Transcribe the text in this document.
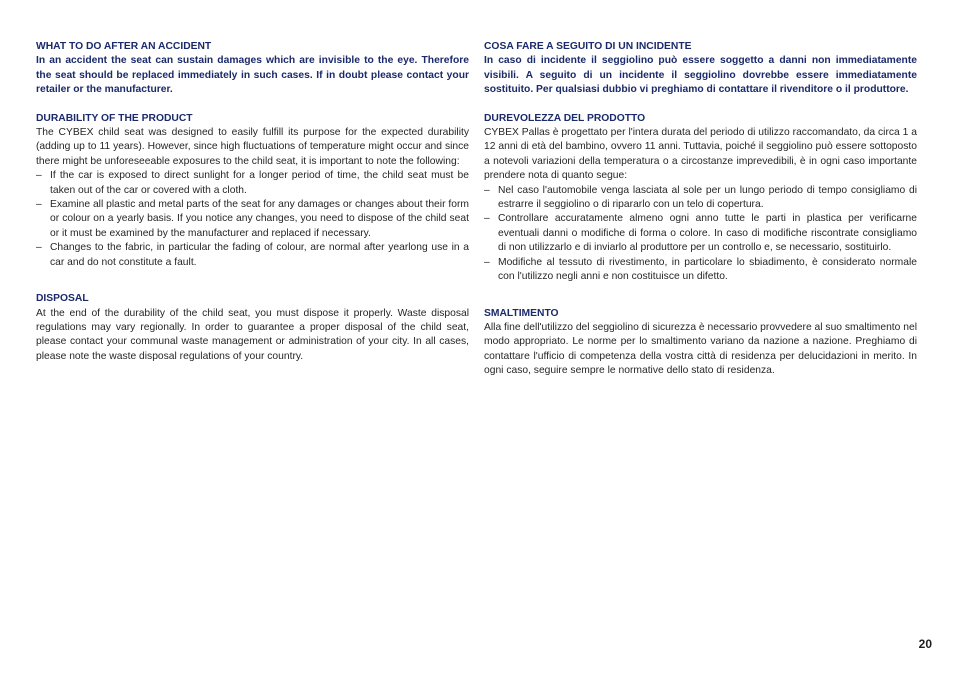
WHAT TO DO AFTER AN ACCIDENT

In an accident the seat can sustain damages which are invisible to the eye. Therefore the seat should be replaced immediately in such cases. If in doubt please contact your retailer or the manufacturer.

DURABILITY OF THE PRODUCT

The CYBEX child seat was designed to easily fulfill its purpose for the expected durability (adding up to 11 years). However, since high fluctuations of temperature might occur and since there might be unforeseeable exposures to the child seat, it is important to note the following:

– If the car is exposed to direct sunlight for a longer period of time, the child seat must be taken out of the car or covered with a cloth.
– Examine all plastic and metal parts of the seat for any damages or changes about their form or colour on a yearly basis. If you notice any changes, you need to dispose of the child seat or it must be examined by the manufacturer and replaced if necessary.
– Changes to the fabric, in particular the fading of colour, are normal after yearlong use in a car and do not constitute a fault.
DISPOSAL

At the end of the durability of the child seat, you must dispose it properly. Waste disposal regulations may vary regionally. In order to guarantee a proper disposal of the child seat, please contact your communal waste management or administration of your city. In all cases, please note the waste disposal regulations of your country.

COSA FARE A SEGUITO DI UN INCIDENTE

In caso di incidente il seggiolino può essere soggetto a danni non immediatamente visibili. A seguito di un incidente il seggiolino dovrebbe essere immediatamente sostituito. Per qualsiasi dubbio vi preghiamo di contattare il rivenditore o il produttore.

DUREVOLEZZA DEL PRODOTTO

CYBEX Pallas è progettato per l'intera durata del periodo di utilizzo raccomandato, da circa 1 a 12 anni di età del bambino, ovvero 11 anni. Tuttavia, poiché il seggiolino può essere sottoposto a notevoli variazioni della temperatura o a circostanze imprevedibili, è in ogni caso importante prendere nota di quanto segue:

– Nel caso l'automobile venga lasciata al sole per un lungo periodo di tempo consigliamo di estrarre il seggiolino o di ripararlo con un telo di copertura.
– Controllare accuratamente almeno ogni anno tutte le parti in plastica per verificarne eventuali danni o modifiche di forma o colore. In caso di modifiche riscontrate consigliamo di non utilizzarlo e di inviarlo al produttore per un controllo e, se necessario, sostituirlo.
– Modifiche al tessuto di rivestimento, in particolare lo sbiadimento, è considerato normale con l'utilizzo negli anni e non costituisce un difetto.
SMALTIMENTO

Alla fine dell'utilizzo del seggiolino di sicurezza è necessario provvedere al suo smaltimento nel modo appropriato. Le norme per lo smaltimento variano da nazione a nazione. Preghiamo di contattare l'ufficio di competenza della vostra città di residenza per delucidazioni in merito. In ogni caso, seguire sempre le normative dello stato di residenza.

20
